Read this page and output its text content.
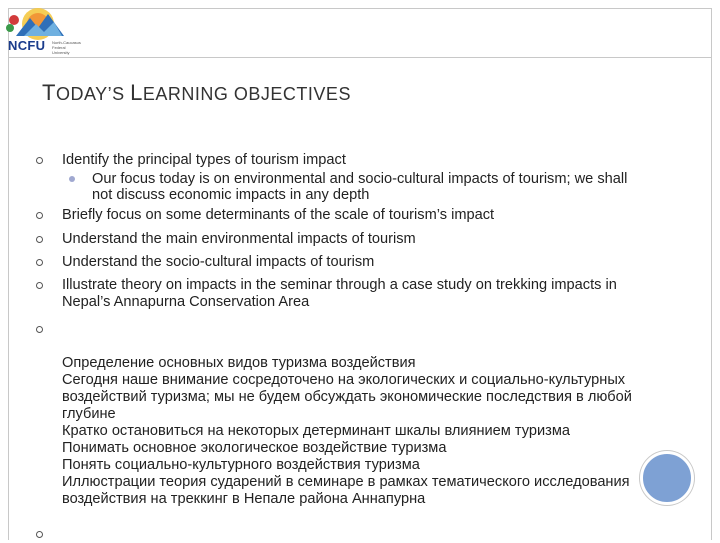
NCFU North-Caucasus Federal University
TODAY’S LEARNING OBJECTIVES
Identify the principal types of tourism impact
Our focus today is on environmental and socio-cultural impacts of tourism; we shall not discuss economic impacts in any depth
Briefly focus on some determinants of the scale of tourism’s impact
Understand the main environmental impacts of tourism
Understand the socio-cultural impacts of tourism
Illustrate theory on impacts in the seminar through a case study on trekking impacts in Nepal’s Annapurna Conservation Area

Определение основных видов туризма воздействия
Сегодня наше внимание сосредоточено на экологических и социально-культурных воздействий туризма; мы не будем обсуждать экономические последствия в любой глубине
Кратко остановиться на некоторых детерминант шкалы влиянием туризма
Понимать основное экологическое воздействие туризма
Понять социально-культурного воздействия туризма
Иллюстрации теория сударений в семинаре в рамках тематического исследования воздействия на треккинг в Непале района Аннапурна
